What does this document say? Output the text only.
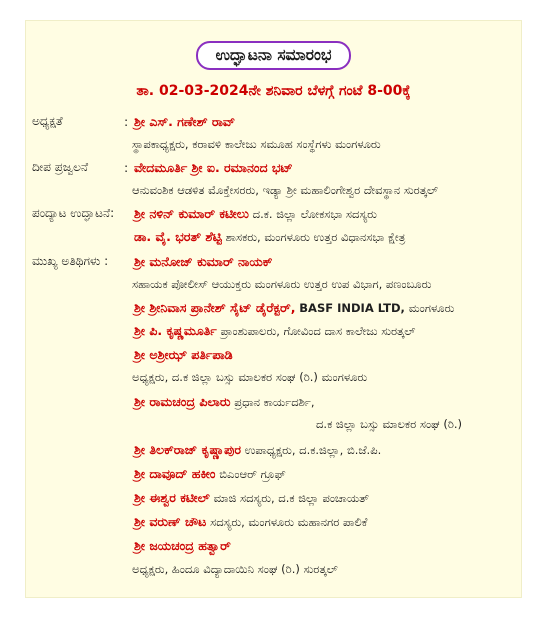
ಉದ್ಘಾಟನಾ ಸಮಾರಂಭ
ತಾ. 02-03-2024ನೇ ಶನಿವಾರ ಬೆಳಗ್ಗೆ ಗಂಟೆ 8-00ಕ್ಕೆ
ಅಧ್ಯಕ್ಷತೆ	: ಶ್ರೀ ಎಸ್. ಗಣೇಶ್ ರಾವ್
ಸ್ಥಾಪಕಾಧ್ಯಕ್ಷರು, ಕರಾವಳಿ ಕಾಲೇಜು ಸಮೂಹ ಸಂಸ್ಥೆಗಳು ಮಂಗಳೂರು
ದೀಪ ಪ್ರಜ್ವಲನೆ	: ವೇದಮೂರ್ತಿ ಶ್ರೀ ಐ. ರಮಾನಂದ ಭಟ್
ಆನುವಂಶಿಕ ಆಡಳಿತ ಮೊಕ್ತೇಸರರು, ಇಡ್ಯಾ ಶ್ರೀ ಮಹಾಲಿಂಗೇಶ್ವರ ದೇವಸ್ಥಾನ ಸುರತ್ಕಲ್
ಪಂದ್ಯಾಟ ಉದ್ಘಾಟನೆ: ಶ್ರೀ ನಳಿನ್ ಕುಮಾರ್ ಕಟೀಲು ದ.ಕ. ಜಿಲ್ಲಾ ಲೋಕಸಭಾ ಸದಸ್ಯರು
ಡಾ. ವೈ. ಭರತ್ ಶೆಟ್ಟಿ ಶಾಸಕರು, ಮಂಗಳೂರು ಉತ್ತರ ವಿಧಾನಸಭಾ ಕ್ಷೇತ್ರ
ಮುಖ್ಯ ಅತಿಥಿಗಳು : ಶ್ರೀ ಮನೋಜ್ ಕುಮಾರ್ ನಾಯಕ್
ಸಹಾಯಕ ಪೋಲೀಸ್ ಆಯುಕ್ತರು ಮಂಗಳೂರು ಉತ್ತರ ಉಪ ವಿಭಾಗ, ಪಣಂಬೂರು
ಶ್ರೀ ಶ್ರೀನಿವಾಸ ಪ್ರಾನೇಶ್ ಸೈಟ್ ಡೈರೆಕ್ಟರ್, BASF INDIA LTD, ಮಂಗಳೂರು
ಶ್ರೀ ಪಿ. ಕೃಷ್ಣಮೂರ್ತಿ ಪ್ರಾಂಶುಪಾಲರು, ಗೋವಿಂದ ದಾಸ ಕಾಲೇಜು ಸುರತ್ಕಲ್
ಶ್ರೀ ಅಶ್ರೀಝ್ ಪರ್ತಿಪಾಡಿ
ಅಧ್ಯಕ್ಷರು, ದ.ಕ ಜಿಲ್ಲಾ ಬಸ್ಸು ಮಾಲಕರ ಸಂಘ (ರಿ.) ಮಂಗಳೂರು
ಶ್ರೀ ರಾಮಚಂದ್ರ ಪಿಲಾರು ಪ್ರಧಾನ ಕಾರ್ಯದರ್ಶಿ,
ದ.ಕ ಜಿಲ್ಲಾ ಬಸ್ಸು ಮಾಲಕರ ಸಂಘ (ರಿ.)
ಶ್ರೀ ತಿಲಕ್‌ರಾಜ್ ಕೃಷ್ಣಾಪುರ ಉಪಾಧ್ಯಕ್ಷರು, ದ.ಕ.ಜಿಲ್ಲಾ, ಬಿ.ಜೆ.ಪಿ.
ಶ್ರೀ ದಾವೂದ್ ಹಕೀಂ ಬಿಎಂಆರ್ ಗ್ರೂಫ್
ಶ್ರೀ ಈಶ್ವರ ಕಟೀಲ್ ಮಾಜಿ ಸದಸ್ಯರು, ದ.ಕ ಜಿಲ್ಲಾ ಪಂಚಾಯತ್
ಶ್ರೀ ವರುಣ್ ಚೌಟ ಸದಸ್ಯರು, ಮಂಗಳೂರು ಮಹಾನಗರ ಪಾಲಿಕೆ
ಶ್ರೀ ಜಯಚಂದ್ರ ಹತ್ವಾರ್
ಅಧ್ಯಕ್ಷರು, ಹಿಂದೂ ವಿದ್ಯಾದಾಯಿನಿ ಸಂಘ (ರಿ.) ಸುರತ್ಕಲ್
